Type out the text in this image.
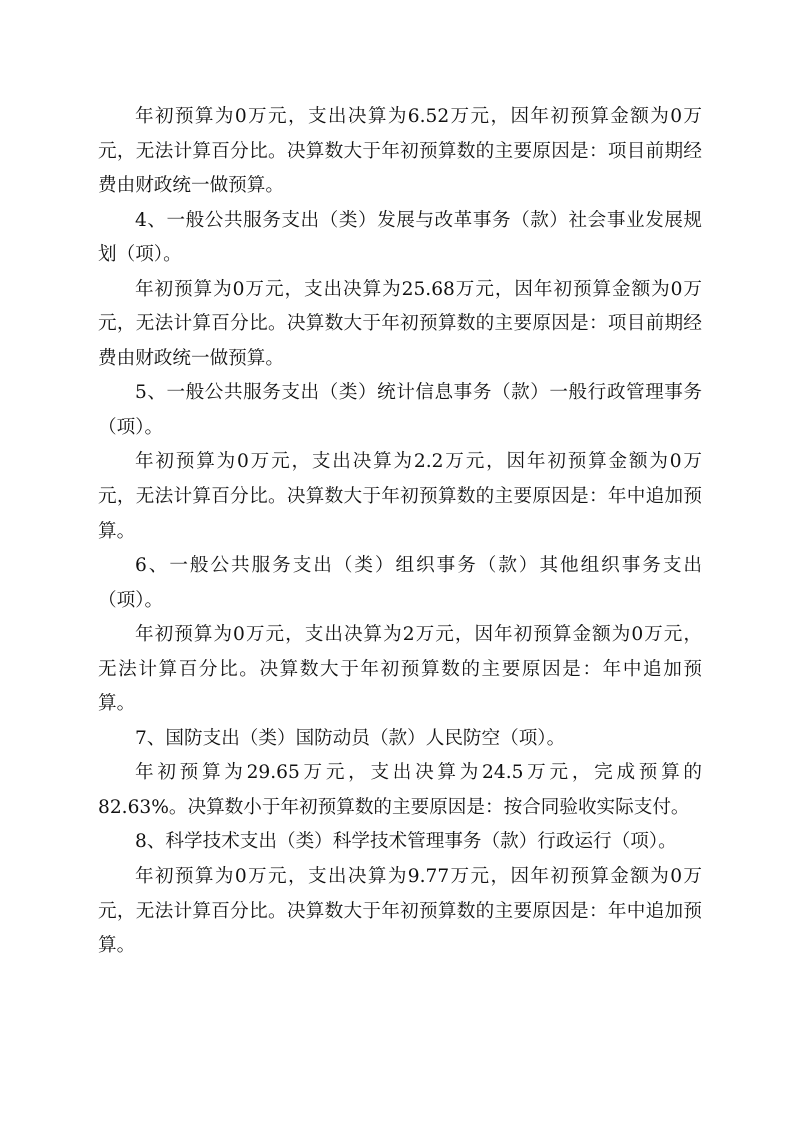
年初预算为0万元，支出决算为6.52万元，因年初预算金额为0万
元，无法计算百分比。决算数大于年初预算数的主要原因是：项目前期经
费由财政统一做预算。
4、一般公共服务支出（类）发展与改革事务（款）社会事业发展规
划（项）。
年初预算为0万元，支出决算为25.68万元，因年初预算金额为0万
元，无法计算百分比。决算数大于年初预算数的主要原因是：项目前期经
费由财政统一做预算。
5、一般公共服务支出（类）统计信息事务（款）一般行政管理事务
（项）。
年初预算为0万元，支出决算为2.2万元，因年初预算金额为0万
元，无法计算百分比。决算数大于年初预算数的主要原因是：年中追加预
算。
6、一般公共服务支出（类）组织事务（款）其他组织事务支出
（项）。
年初预算为0万元，支出决算为2万元，因年初预算金额为0万元，
无法计算百分比。决算数大于年初预算数的主要原因是：年中追加预
算。
7、国防支出（类）国防动员（款）人民防空（项）。
年初预算为29.65万元，支出决算为24.5万元，完成预算的
82.63%。决算数小于年初预算数的主要原因是：按合同验收实际支付。
8、科学技术支出（类）科学技术管理事务（款）行政运行（项）。
年初预算为0万元，支出决算为9.77万元，因年初预算金额为0万
元，无法计算百分比。决算数大于年初预算数的主要原因是：年中追加预
算。
